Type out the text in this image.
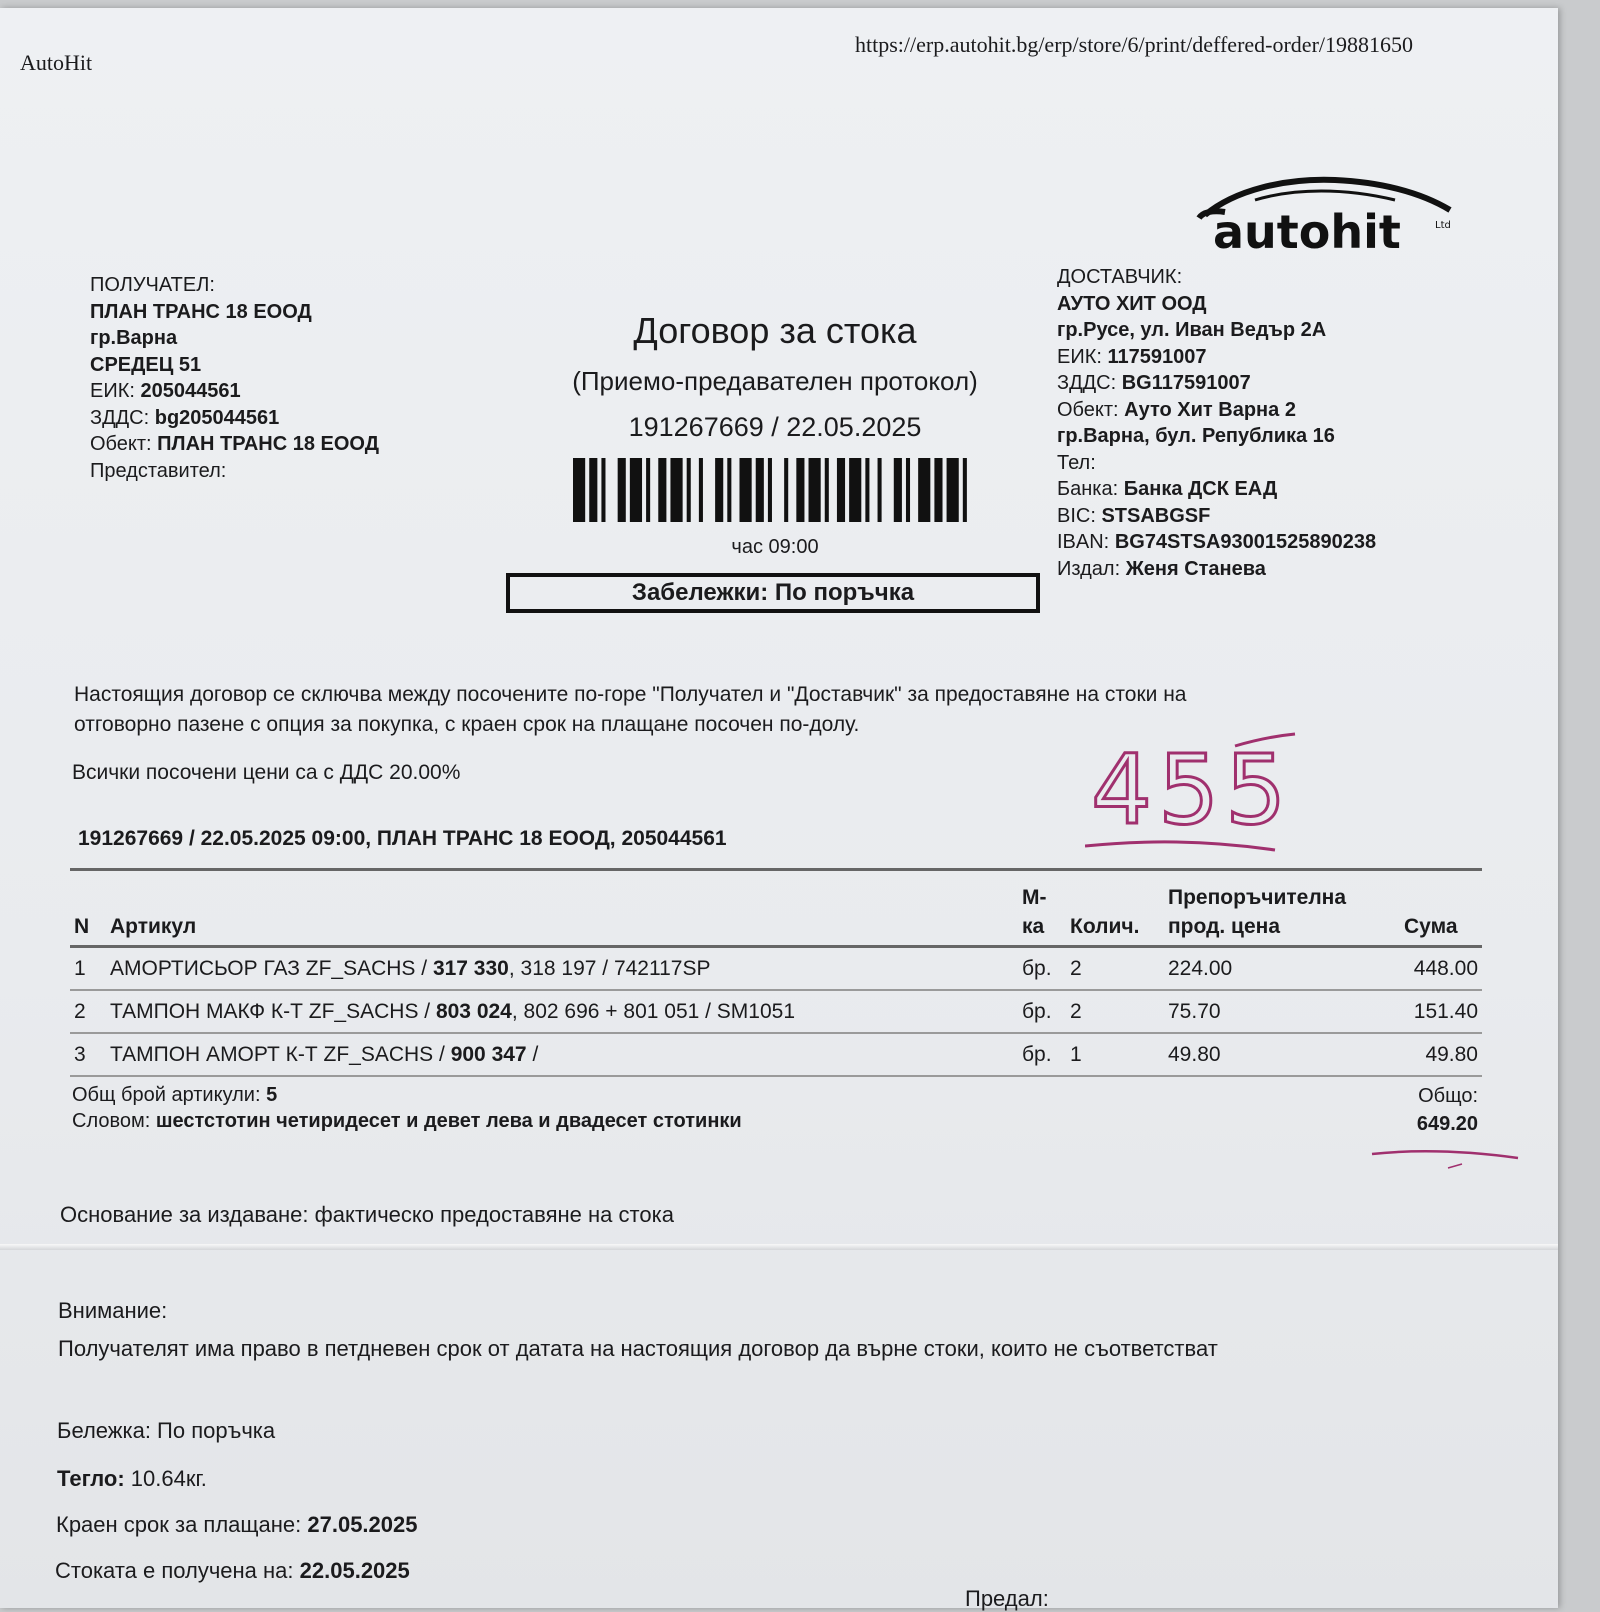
AutoHit
https://erp.autohit.bg/erp/store/6/print/deffered-order/19881650
autohit	Ltd
ПОЛУЧАТЕЛ:
ПЛАН ТРАНС 18 ЕООД
гр.Варна
СРЕДЕЦ 51
ЕИК: 205044561
ЗДДС: bg205044561
Обект: ПЛАН ТРАНС 18 ЕООД
Представител:
Договор за стока
(Приемо-предавателен протокол)
191267669 / 22.05.2025
час 09:00
Забележки: По поръчка
ДОСТАВЧИК:
АУТО ХИТ ООД
гр.Русе, ул. Иван Ведър 2А
ЕИК: 117591007
ЗДДС: BG117591007
Обект: Ауто Хит Варна 2
гр.Варна, бул. Република 16
Тел:
Банка: Банка ДСК ЕАД
BIC: STSABGSF
IBAN: BG74STSA93001525890238
Издал: Женя Станева
Настоящия договор се сключва между посочените по-горе "Получател и "Доставчик" за предоставяне на стоки на
отговорно пазене с опция за покупка, с краен срок на плащане посочен по-долу.
Всички посочени цени са с ДДС 20.00%	455
191267669 / 22.05.2025 09:00, ПЛАН ТРАНС 18 ЕООД, 205044561
N	Артикул	М-
ка	Колич.	Препоръчителна
прод. цена	Сума
1	АМОРТИСЬОР ГАЗ ZF_SACHS / 317 330, 318 197 / 742117SP	бр.	2	224.00	448.00
2	ТАМПОН МАКФ К-Т ZF_SACHS / 803 024, 802 696 + 801 051 / SM1051	бр.	2	75.70	151.40
3	ТАМПОН АМОРТ К-Т ZF_SACHS / 900 347 /	бр.	1	49.80	49.80
Общ брой артикули: 5
Словом: шестстотин четиридесет и девет лева и двадесет стотинки
Общо:
649.20
Основание за издаване: фактическо предоставяне на стока
Внимание:
Получателят има право в петдневен срок от датата на настоящия договор да върне стоки, които не съответстват
Бележка: По поръчка
Тегло: 10.64кг.
Краен срок за плащане: 27.05.2025
Стоката е получена на: 22.05.2025
Предал:
